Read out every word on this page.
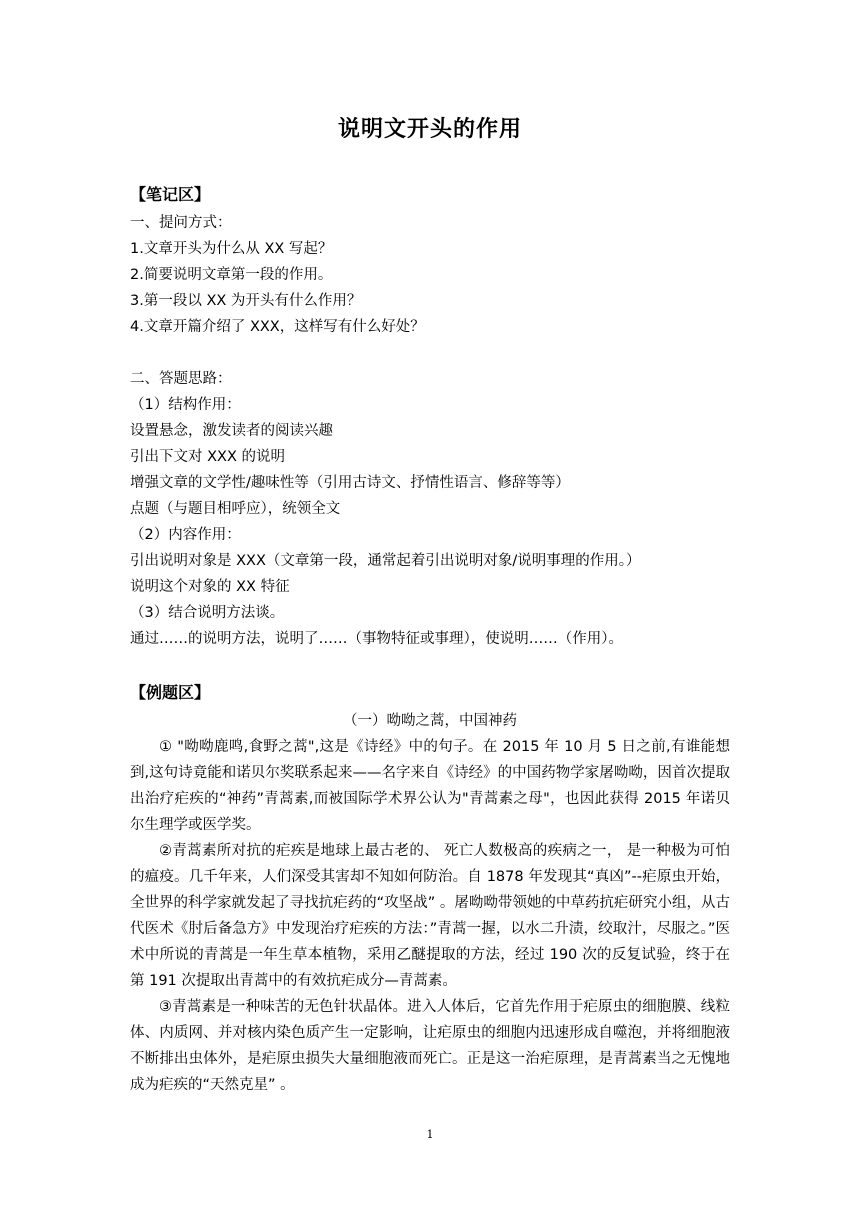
说明文开头的作用
【笔记区】
一、提问方式：
1.文章开头为什么从 XX 写起？
2.简要说明文章第一段的作用。
3.第一段以 XX 为开头有什么作用？
4.文章开篇介绍了 XXX，这样写有什么好处？
二、答题思路：
（1）结构作用：
设置悬念，激发读者的阅读兴趣
引出下文对 XXX 的说明
增强文章的文学性/趣味性等（引用古诗文、抒情性语言、修辞等等）
点题（与题目相呼应），统领全文
（2）内容作用：
引出说明对象是 XXX（文章第一段，通常起着引出说明对象/说明事理的作用。）
说明这个对象的 XX 特征
（3）结合说明方法谈。
通过……的说明方法，说明了……（事物特征或事理），使说明……（作用）。
【例题区】
（一）呦呦之蒿，中国神药

① "呦呦鹿鸣,食野之蒿",这是《诗经》中的句子。在 2015 年 10 月 5 日之前,有谁能想到,这句诗竟能和诺贝尔奖联系起来——名字来自《诗经》的中国药物学家屠呦呦，因首次提取出治疗疟疾的“神药”青蒿素,而被国际学术界公认为"青蒿素之母"，也因此获得 2015 年诺贝尔生理学或医学奖。

②青蒿素所对抗的疟疾是地球上最古老的、 死亡人数极高的疾病之一， 是一种极为可怕的瘟疫。几千年来，人们深受其害却不知如何防治。自 1878 年发现其“真凶”--疟原虫开始，全世界的科学家就发起了寻找抗疟药的“攻坚战” 。屠呦呦带领她的中草药抗疟研究小组，从古代医术《肘后备急方》中发现治疗疟疾的方法：”青蒿一握，以水二升渍，绞取汁，尽服之。”医术中所说的青蒿是一年生草本植物，采用乙醚提取的方法，经过 190 次的反复试验，终于在第 191 次提取出青蒿中的有效抗疟成分—青蒿素。

③青蒿素是一种味苦的无色针状晶体。进入人体后，它首先作用于疟原虫的细胞膜、线粒体、内质网、并对核内染色质产生一定影响，让疟原虫的细胞内迅速形成自噬泡，并将细胞液不断排出虫体外，是疟原虫损失大量细胞液而死亡。正是这一治疟原理，是青蒿素当之无愧地成为疟疾的“天然克星” 。

1
